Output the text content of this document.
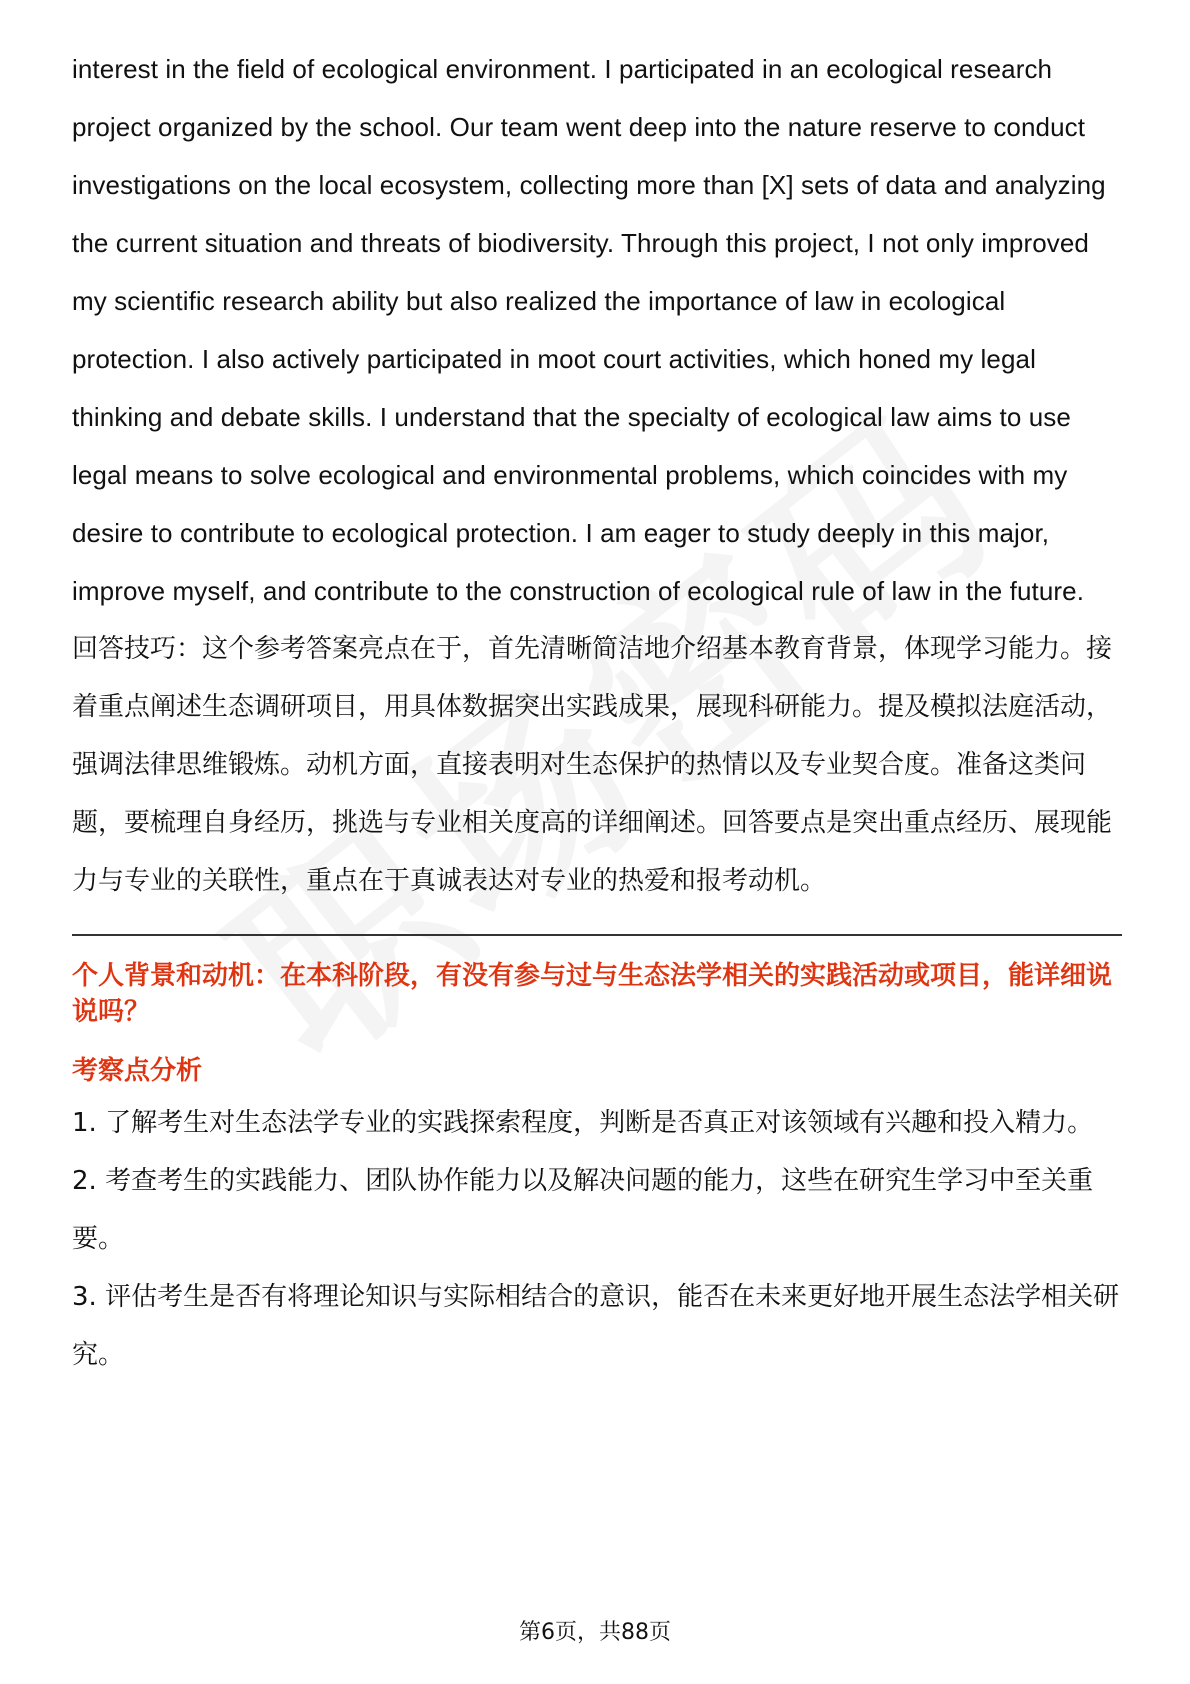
interest in the field of ecological environment. I participated in an ecological research project organized by the school. Our team went deep into the nature reserve to conduct investigations on the local ecosystem, collecting more than [X] sets of data and analyzing the current situation and threats of biodiversity. Through this project, I not only improved my scientific research ability but also realized the importance of law in ecological protection. I also actively participated in moot court activities, which honed my legal thinking and debate skills. I understand that the specialty of ecological law aims to use legal means to solve ecological and environmental problems, which coincides with my desire to contribute to ecological protection. I am eager to study deeply in this major, improve myself, and contribute to the construction of ecological rule of law in the future.

回答技巧：这个参考答案亮点在于，首先清晰简洁地介绍基本教育背景，体现学习能力。接着重点阐述生态调研项目，用具体数据突出实践成果，展现科研能力。提及模拟法庭活动，强调法律思维锻炼。动机方面，直接表明对生态保护的热情以及专业契合度。准备这类问题，要梳理自身经历，挑选与专业相关度高的详细阐述。回答要点是突出重点经历、展现能力与专业的关联性，重点在于真诚表达对专业的热爱和报考动机。

个人背景和动机：在本科阶段，有没有参与过与生态法学相关的实践活动或项目，能详细说说吗？

考察点分析

1. 了解考生对生态法学专业的实践探索程度，判断是否真正对该领域有兴趣和投入精力。

2. 考查考生的实践能力、团队协作能力以及解决问题的能力，这些在研究生学习中至关重要。

3. 评估考生是否有将理论知识与实际相结合的意识，能否在未来更好地开展生态法学相关研究。

第6页，共88页
